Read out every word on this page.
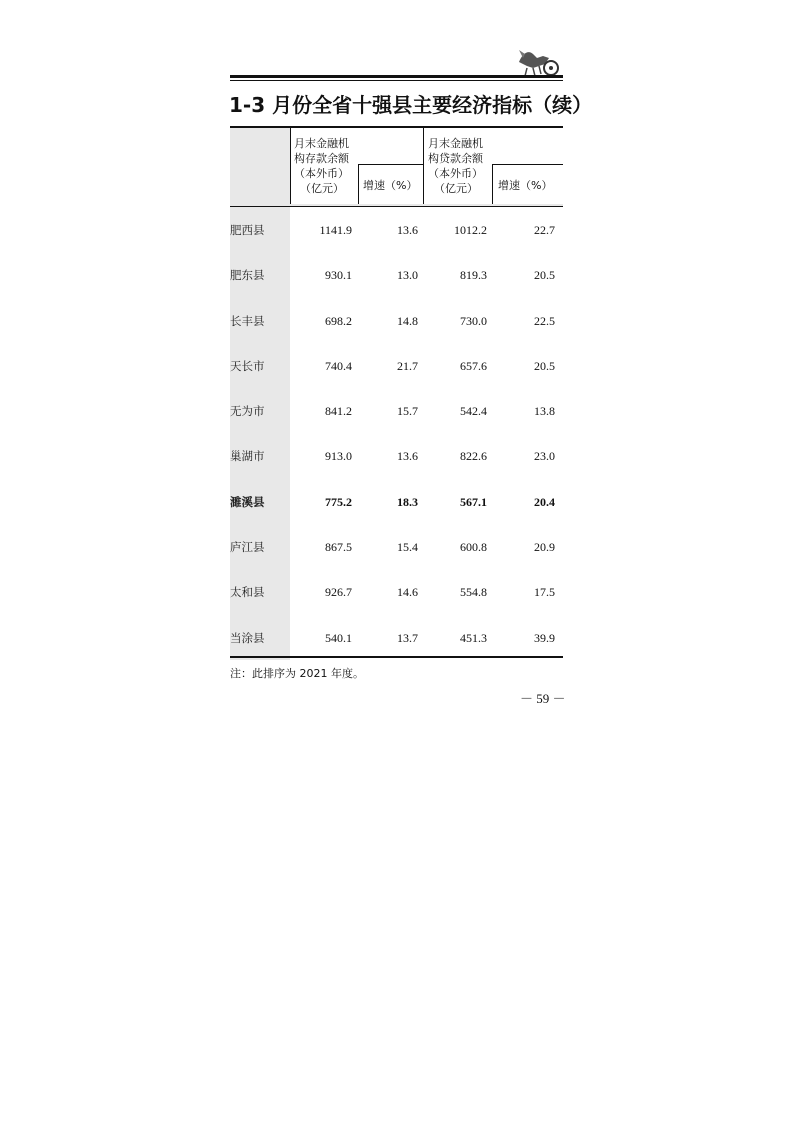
1-3 月份全省十强县主要经济指标（续）
月末金融机
构存款余额
（本外币）
（亿元）	增速（%）
月末金融机
构贷款余额
（本外币）
（亿元）	增速（%）
肥西县	1141.9	13.6	1012.2	22.7
肥东县	930.1	13.0	819.3	20.5
长丰县	698.2	14.8	730.0	22.5
天长市	740.4	21.7	657.6	20.5
无为市	841.2	15.7	542.4	13.8
巢湖市	913.0	13.6	822.6	23.0
濉溪县	775.2	18.3	567.1	20.4
庐江县	867.5	15.4	600.8	20.9
太和县	926.7	14.6	554.8	17.5
当涂县	540.1	13.7	451.3	39.9
注：此排序为 2021 年度。
－ 59 －
